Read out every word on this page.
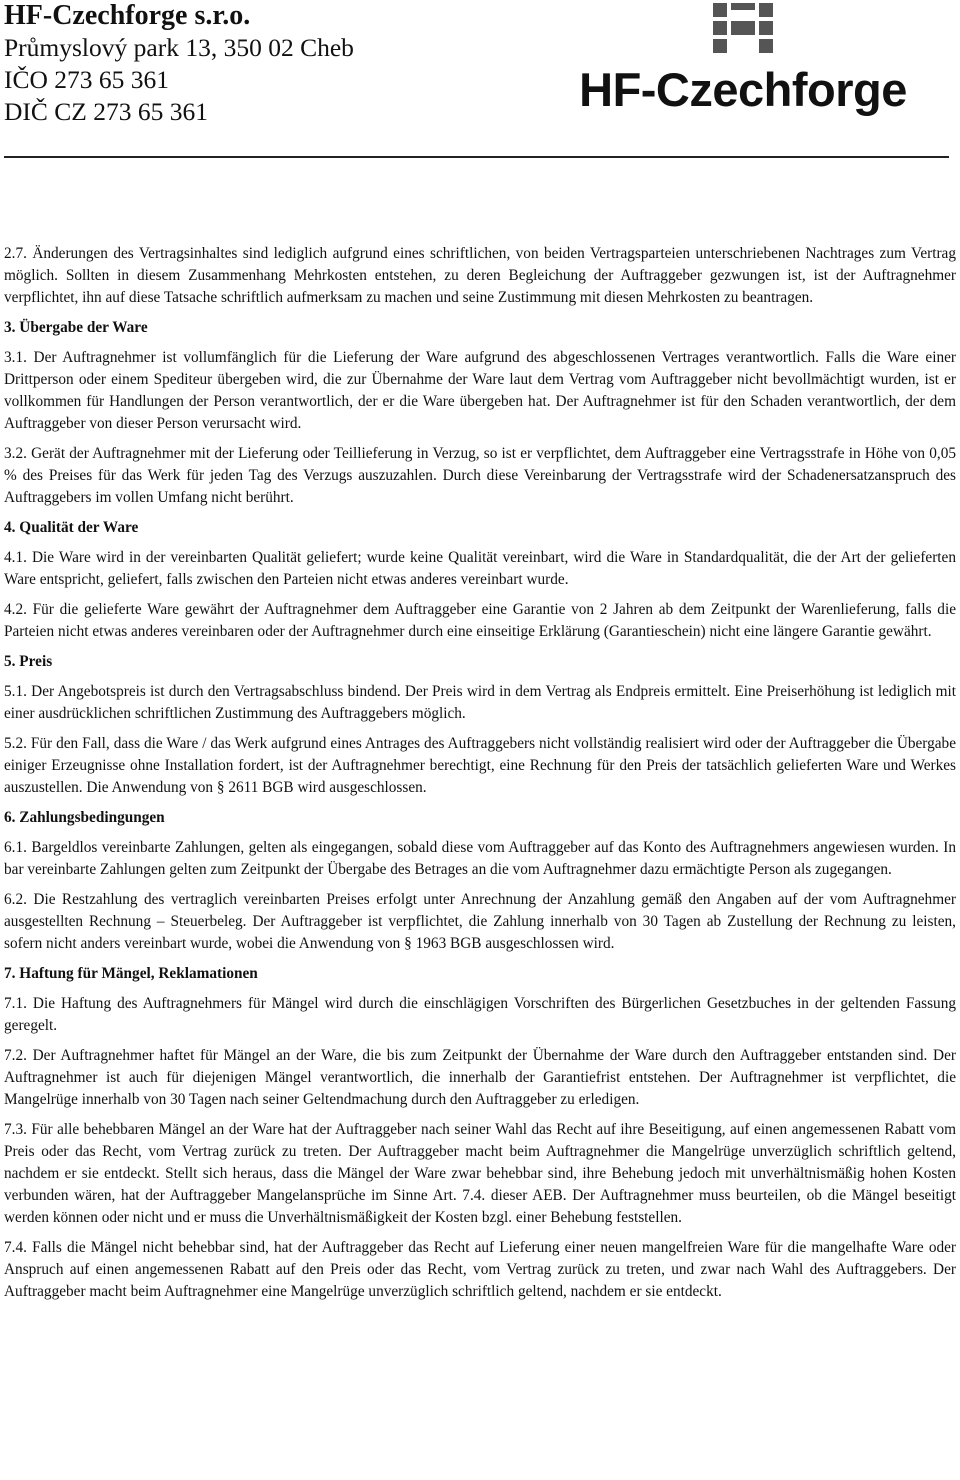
HF-Czechforge s.r.o.
Průmyslový park 13, 350 02 Cheb
IČO 273 65 361
DIČ CZ 273 65 361	HF-Czechforge

2.7. Änderungen des Vertragsinhaltes sind lediglich aufgrund eines schriftlichen, von beiden Vertragsparteien unterschriebenen Nachtrages zum Vertrag möglich. Sollten in diesem Zusammenhang Mehrkosten entstehen, zu deren Begleichung der Auftraggeber gezwungen ist, ist der Auftragnehmer verpflichtet, ihn auf diese Tatsache schriftlich aufmerksam zu machen und seine Zustimmung mit diesen Mehrkosten zu beantragen.

3. Übergabe der Ware

3.1. Der Auftragnehmer ist vollumfänglich für die Lieferung der Ware aufgrund des abgeschlossenen Vertrages verantwortlich. Falls die Ware einer Drittperson oder einem Spediteur übergeben wird, die zur Übernahme der Ware laut dem Vertrag vom Auftraggeber nicht bevollmächtigt wurden, ist er vollkommen für Handlungen der Person verantwortlich, der er die Ware übergeben hat. Der Auftragnehmer ist für den Schaden verantwortlich, der dem Auftraggeber von dieser Person verursacht wird.

3.2. Gerät der Auftragnehmer mit der Lieferung oder Teillieferung in Verzug, so ist er verpflichtet, dem Auftraggeber eine Vertragsstrafe in Höhe von 0,05 % des Preises für das Werk für jeden Tag des Verzugs auszuzahlen. Durch diese Vereinbarung der Vertragsstrafe wird der Schadenersatzanspruch des Auftraggebers im vollen Umfang nicht berührt.

4. Qualität der Ware

4.1. Die Ware wird in der vereinbarten Qualität geliefert; wurde keine Qualität vereinbart, wird die Ware in Standardqualität, die der Art der gelieferten Ware entspricht, geliefert, falls zwischen den Parteien nicht etwas anderes vereinbart wurde.

4.2. Für die gelieferte Ware gewährt der Auftragnehmer dem Auftraggeber eine Garantie von 2 Jahren ab dem Zeitpunkt der Warenlieferung, falls die Parteien nicht etwas anderes vereinbaren oder der Auftragnehmer durch eine einseitige Erklärung (Garantieschein) nicht eine längere Garantie gewährt.

5. Preis

5.1. Der Angebotspreis ist durch den Vertragsabschluss bindend. Der Preis wird in dem Vertrag als Endpreis ermittelt. Eine Preiserhöhung ist lediglich mit einer ausdrücklichen schriftlichen Zustimmung des Auftraggebers möglich.

5.2. Für den Fall, dass die Ware / das Werk aufgrund eines Antrages des Auftraggebers nicht vollständig realisiert wird oder der Auftraggeber die Übergabe einiger Erzeugnisse ohne Installation fordert, ist der Auftragnehmer berechtigt, eine Rechnung für den Preis der tatsächlich gelieferten Ware und Werkes auszustellen. Die Anwendung von § 2611 BGB wird ausgeschlossen.

6. Zahlungsbedingungen

6.1. Bargeldlos vereinbarte Zahlungen, gelten als eingegangen, sobald diese vom Auftraggeber auf das Konto des Auftragnehmers angewiesen wurden. In bar vereinbarte Zahlungen gelten zum Zeitpunkt der Übergabe des Betrages an die vom Auftragnehmer dazu ermächtigte Person als zugegangen.

6.2. Die Restzahlung des vertraglich vereinbarten Preises erfolgt unter Anrechnung der Anzahlung gemäß den Angaben auf der vom Auftragnehmer ausgestellten Rechnung – Steuerbeleg. Der Auftraggeber ist verpflichtet, die Zahlung innerhalb von 30 Tagen ab Zustellung der Rechnung zu leisten, sofern nicht anders vereinbart wurde, wobei die Anwendung von § 1963 BGB ausgeschlossen wird.

7. Haftung für Mängel, Reklamationen

7.1. Die Haftung des Auftragnehmers für Mängel wird durch die einschlägigen Vorschriften des Bürgerlichen Gesetzbuches in der geltenden Fassung geregelt.

7.2. Der Auftragnehmer haftet für Mängel an der Ware, die bis zum Zeitpunkt der Übernahme der Ware durch den Auftraggeber entstanden sind. Der Auftragnehmer ist auch für diejenigen Mängel verantwortlich, die innerhalb der Garantiefrist entstehen. Der Auftragnehmer ist verpflichtet, die Mangelrüge innerhalb von 30 Tagen nach seiner Geltendmachung durch den Auftraggeber zu erledigen.

7.3. Für alle behebbaren Mängel an der Ware hat der Auftraggeber nach seiner Wahl das Recht auf ihre Beseitigung, auf einen angemessenen Rabatt vom Preis oder das Recht, vom Vertrag zurück zu treten. Der Auftraggeber macht beim Auftragnehmer die Mangelrüge unverzüglich schriftlich geltend, nachdem er sie entdeckt. Stellt sich heraus, dass die Mängel der Ware zwar behebbar sind, ihre Behebung jedoch mit unverhältnismäßig hohen Kosten verbunden wären, hat der Auftraggeber Mangelansprüche im Sinne Art. 7.4. dieser AEB. Der Auftragnehmer muss beurteilen, ob die Mängel beseitigt werden können oder nicht und er muss die Unverhältnismäßigkeit der Kosten bzgl. einer Behebung feststellen.

7.4. Falls die Mängel nicht behebbar sind, hat der Auftraggeber das Recht auf Lieferung einer neuen mangelfreien Ware für die mangelhafte Ware oder Anspruch auf einen angemessenen Rabatt auf den Preis oder das Recht, vom Vertrag zurück zu treten, und zwar nach Wahl des Auftraggebers. Der Auftraggeber macht beim Auftragnehmer eine Mangelrüge unverzüglich schriftlich geltend, nachdem er sie entdeckt.
